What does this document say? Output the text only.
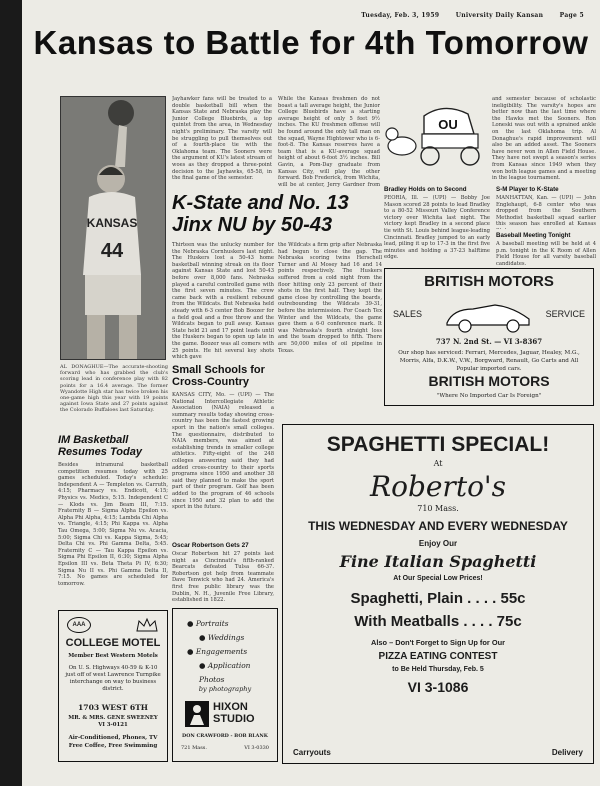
Tuesday, Feb. 3, 1959	University Daily Kansan	Page 5
Kansas to Battle for 4th Tomorrow
KANSAS
44
AL DONAGHUE—The accurate-shooting forward who has grabbed the club's scoring lead in conference play with 82 points for a 16.4 average. The former Wyandotte High star has twice broken his one-game high this year with 19 points against Iowa State and 27 points against the Colorado Buffaloes last Saturday.
Jayhawker fans will be treated to a double basketball bill when the Kansas State and Nebraska play the Junior College Bluebirds, a top quintet from the area, in Wednesday night's preliminary. The varsity will be struggling to pull themselves out of a fourth-place tie with the Oklahoma team. The Sooners were the argument of KU's latest stream of woes as they dropped a three-point decision to the Jayhawks, 65-58, in the final game of the semester.
While the Kansas freshmen do not boast a tall average height, the Junior College Bluebirds have a starting average height of only 5 feet 9½ inches. The KU freshmen offense will be found around the only tall man on the squad, Wayne Hightower who is 6-foot-8. The Kansas reserves have a team that is a KU-average squad height of about 6-foot 3½ inches. Bill Gavin, a Pom-Day graduate from Kansas City, will play the other forward. Bob Frederick, from Wichita, will be at center, Jerry Gardner from
OU
and semester because of scholastic ineligibility. The varsity's hopes are better now than the last time where the Hawks met the Sooners. Ron Loneski was out with a sprained ankle on the last Oklahoma trip. Al Donaghue's rapid improvement will also be an added asset. The Sooners have never won in Allen Field House. They have not swept a season's series from Kansas since 1949 when they won both league games and a meeting in the league tournament.
K-State and No. 13 Jinx NU by 50-43
Thirteen was the unlucky number for the Nebraska Cornhuskers last night. The Huskers lost a 50-43 home basketball winning streak on its floor against Kansas State and lost 50-43 before over 8,000 fans. Nebraska played a careful controlled game with the first seven minutes. The crew came back with a resilient rebound from the Wildcats. But Nebraska held steady with 6-3 center Bob Boozer for a field goal and a free throw and the Wildcats began to pull away. Kansas State held 21 and 17 point leads until the Huskers began to open up late in the game. Boozer was all comers with 25 points. He hit several key shots which gave
the Wildcats a firm grip after Nebraska had begun to close the gap. The Nebraska scoring twins Herschell Turner and Al Mosey had 16 and 14 points respectively. The Huskers suffered from a cold night from the floor hitting only 23 percent of their shots in the first half. They kept the game close by controlling the boards, outrebounding the Wildcats 39-31, before the intermission. For Coach Tex Winter and the Wildcats, the game gave them a 6-0 conference mark. It was Nebraska's fourth straight loss and the team dropped to fifth. There are 50,000 miles of oil pipeline in Texas.
Small Schools for Cross-Country
KANSAS CITY, Mo. — (UPI) — The National Intercollegiate Athletic Association (NAIA) released a summary results today showing cross-country has been the fastest growing sport in the nation's small colleges. The questionnaire, distributed to NAIA members, was aimed at establishing trends in smaller college athletics. Fifty-eight of the 248 colleges answering said they had added cross-country to their sports programs since 1950 and another 38 said they planned to make the sport part of their program. Golf has been added to the program of 46 schools since 1950 and 32 plan to add the sport in the future.
Oscar Robertson Gets 27
Oscar Robertson hit 27 points last night as Cincinnati's fifth-ranked Bearcats defeated Tulsa 66-37. Robertson got help from teammate Dave Tenwick who had 24. America's first free public library was the Dublin, N. H., Juvenile Free Library, established in 1822.
IM Basketball Resumes Today
Besides intramural basketball competition resumes today with 25 games scheduled. Today's schedule: Independent A — Templeton vs. Carruth, 4:15; Pharmacy vs. Endicott, 4:15; Physics vs. Medics, 5:15. Independent C — Klods vs. Jim Beam III, 7:15. Fraternity B — Sigma Alpha Epsilon vs. Alpha Phi Alpha, 4:15; Lambda Chi Alpha vs. Triangle, 4:15; Phi Kappa vs. Alpha Tau Omega, 5:00; Sigma Nu vs. Acacia, 5:00; Sigma Chi vs. Kappa Sigma, 5:45; Delta Chi vs. Phi Gamma Delta, 5:45. Fraternity C — Tau Kappa Epsilon vs. Sigma Phi Epsilon II, 6:30; Sigma Alpha Epsilon III vs. Beta Theta Pi IV, 6:30; Sigma Nu II vs. Phi Gamma Delta II, 7:15. No games are scheduled for tomorrow.
Bradley Holds on to Second
PEORIA, Ill. — (UPI) — Bobby Joe Mason scored 28 points to lead Bradley to a 80-52 Missouri Valley Conference victory over Wichita last night. The victory kept Bradley in a second place tie with St. Louis behind league-leading Cincinnati. Bradley jumped to an early lead, piling it up to 17-3 in the first five minutes and holding a 37-23 halftime edge.
S-M Player to K-State
MANHATTAN, Kan. — (UPI) — John Englehaupt, 6-8 center who was dropped from the Southern Methodist basketball squad earlier this season has enrolled at Kansas
Baseball Meeting Tonight
A baseball meeting will be held at 4 p.m. tonight in the K Room of Allen Field House for all varsity baseball candidates.
BRITISH MOTORS
SALES	SERVICE
737 N. 2nd St. — VI 3-8367
Our shop has serviced: Ferrari, Mercedes, Jaguar, Healey, M.G., Morris, Alfa, D.K.W., V.W., Borgward, Renault, Go Carts and All Popular imported cars.
BRITISH MOTORS
"Where No Imported Car Is Foreign"
SPAGHETTI SPECIAL!
At
Roberto's
710 Mass.
THIS WEDNESDAY AND EVERY WEDNESDAY
Enjoy Our
Fine Italian Spaghetti
At Our Special Low Prices!
Spaghetti, Plain . . . . 55c
With Meatballs . . . . 75c
Also – Don't Forget to Sign Up for Our
PIZZA EATING CONTEST
to Be Held Thursday, Feb. 5
VI 3-1086
Carryouts	Delivery
AAA
COLLEGE MOTEL
Member Best Western Motels
On U. S. Highways 40-59 & K-10 just off of west Lawrence Turnpike interchange on way to business district.
1703 WEST 6TH
MR. & MRS. GENE SWEENEY VI 3-0121
Air-Conditioned, Phones, TV Free Coffee, Free Swimming
● Portraits
● Weddings
● Engagements
● Application Photos
by photography
HIXON STUDIO
DON CRAWFORD - BOB BLANK
721 Mass.	VI 3-0330
